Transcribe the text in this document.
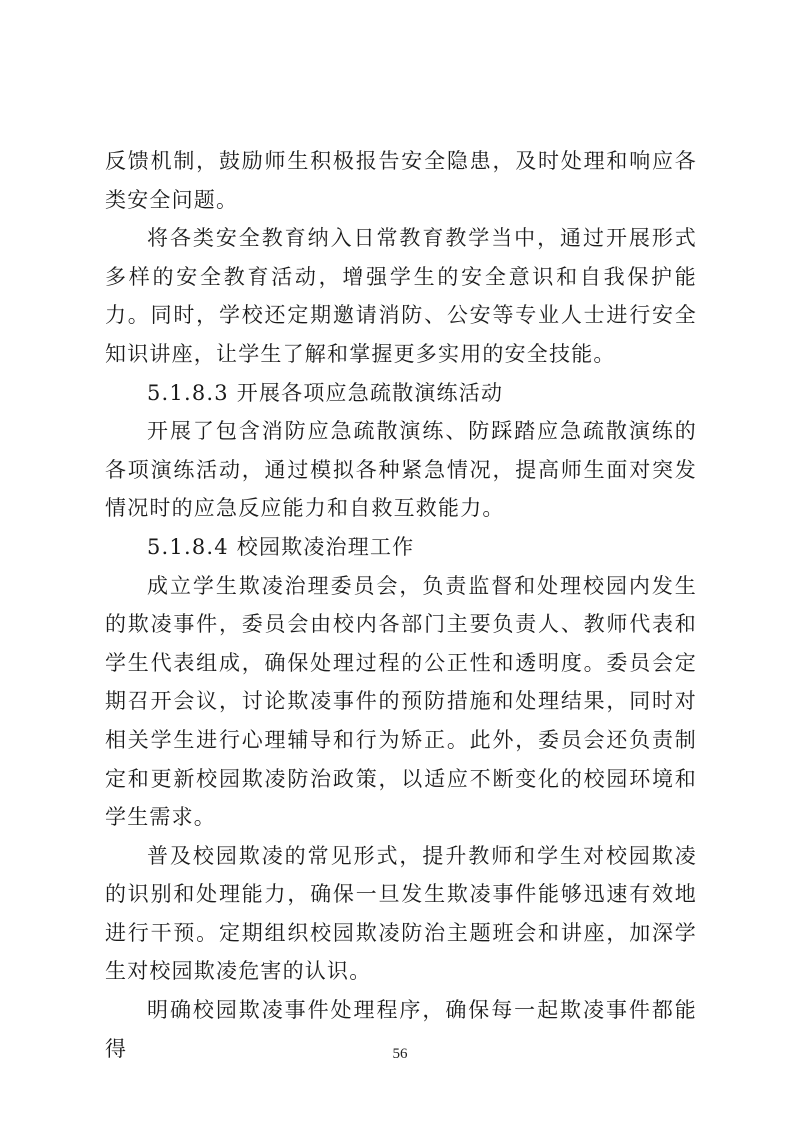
反馈机制，鼓励师生积极报告安全隐患，及时处理和响应各类安全问题。

将各类安全教育纳入日常教育教学当中，通过开展形式多样的安全教育活动，增强学生的安全意识和自我保护能力。同时，学校还定期邀请消防、公安等专业人士进行安全知识讲座，让学生了解和掌握更多实用的安全技能。

5.1.8.3 开展各项应急疏散演练活动

开展了包含消防应急疏散演练、防踩踏应急疏散演练的各项演练活动，通过模拟各种紧急情况，提高师生面对突发情况时的应急反应能力和自救互救能力。

5.1.8.4 校园欺凌治理工作

成立学生欺凌治理委员会，负责监督和处理校园内发生的欺凌事件，委员会由校内各部门主要负责人、教师代表和学生代表组成，确保处理过程的公正性和透明度。委员会定期召开会议，讨论欺凌事件的预防措施和处理结果，同时对相关学生进行心理辅导和行为矫正。此外，委员会还负责制定和更新校园欺凌防治政策，以适应不断变化的校园环境和学生需求。

普及校园欺凌的常见形式，提升教师和学生对校园欺凌的识别和处理能力，确保一旦发生欺凌事件能够迅速有效地进行干预。定期组织校园欺凌防治主题班会和讲座，加深学生对校园欺凌危害的认识。

明确校园欺凌事件处理程序，确保每一起欺凌事件都能得	56
